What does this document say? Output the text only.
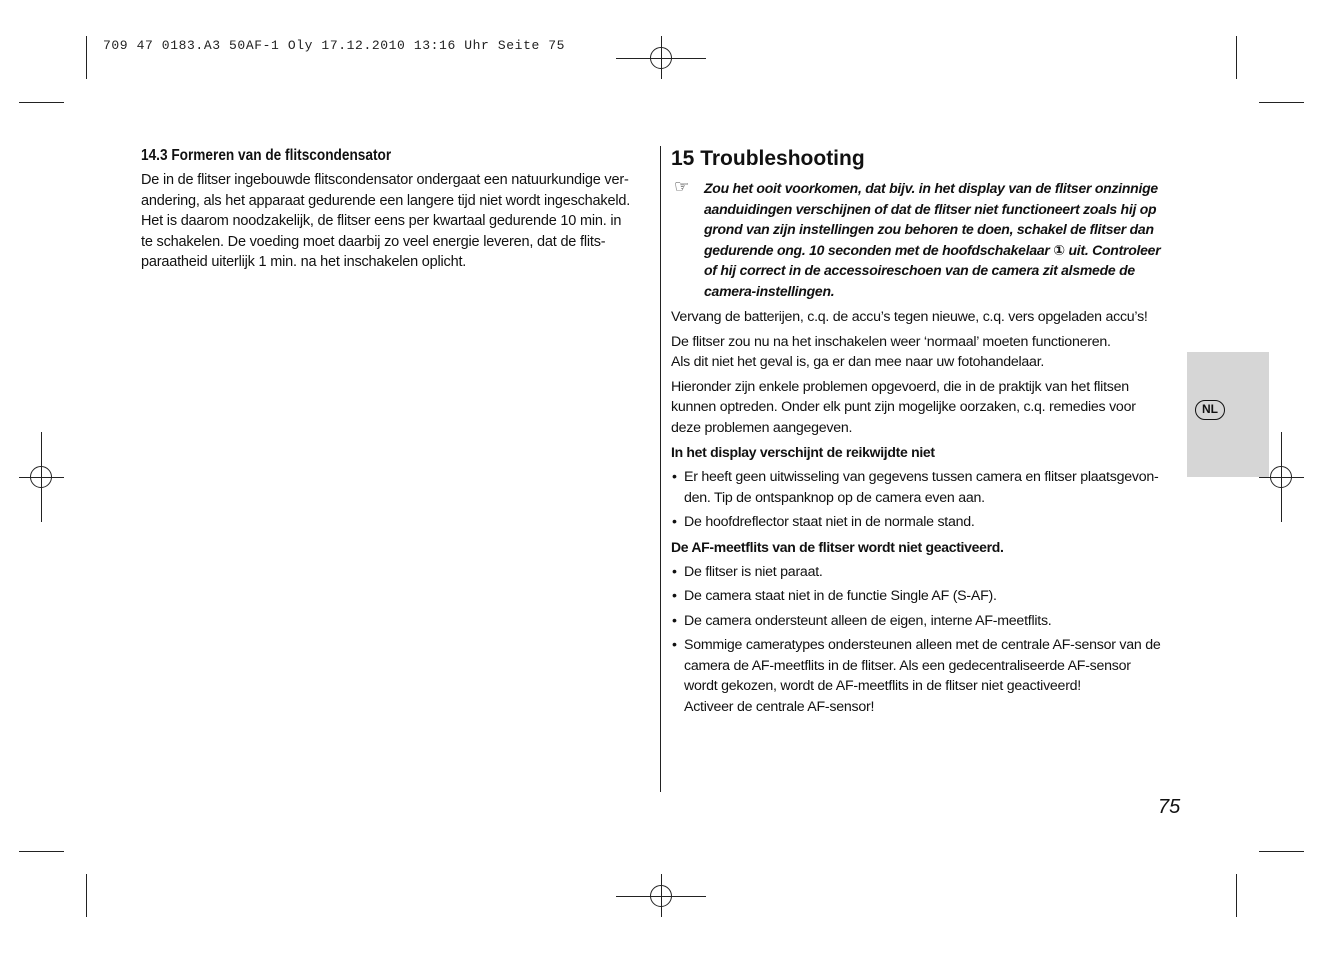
709 47 0183.A3 50AF-1 Oly 17.12.2010 13:16 Uhr Seite 75
14.3 Formeren van de flitscondensator
De in de flitser ingebouwde flitscondensator ondergaat een natuurkundige ver-
andering, als het apparaat gedurende een langere tijd niet wordt ingeschakeld.
Het is daarom noodzakelijk, de flitser eens per kwartaal gedurende 10 min. in
te schakelen. De voeding moet daarbij zo veel energie leveren, dat de flits-
paraatheid uiterlijk 1 min. na het inschakelen oplicht.
15 Troubleshooting
☞ Zou het ooit voorkomen, dat bijv. in het display van de flitser onzinnige
aanduidingen verschijnen of dat de flitser niet functioneert zoals hij op
grond van zijn instellingen zou behoren te doen, schakel de flitser dan
gedurende ong. 10 seconden met de hoofdschakelaar ① uit. Controleer
of hij correct in de accessoireschoen van de camera zit alsmede de
camera-instellingen.

Vervang de batterijen, c.q. de accu’s tegen nieuwe, c.q. vers opgeladen accu’s!

De flitser zou nu na het inschakelen weer ‘normaal’ moeten functioneren.
Als dit niet het geval is, ga er dan mee naar uw fotohandelaar.
Hieronder zijn enkele problemen opgevoerd, die in de praktijk van het flitsen
kunnen optreden. Onder elk punt zijn mogelijke oorzaken, c.q. remedies voor
deze problemen aangegeven.
In het display verschijnt de reikwijdte niet
• Er heeft geen uitwisseling van gegevens tussen camera en flitser plaatsgevon-
den. Tip de ontspanknop op de camera even aan.
• De hoofdreflector staat niet in de normale stand.
De AF-meetflits van de flitser wordt niet geactiveerd.
• De flitser is niet paraat.
• De camera staat niet in de functie Single AF (S-AF).
• De camera ondersteunt alleen de eigen, interne AF-meetflits.
• Sommige cameratypes ondersteunen alleen met de centrale AF-sensor van de
camera de AF-meetflits in de flitser. Als een gedecentraliseerde AF-sensor
wordt gekozen, wordt de AF-meetflits in de flitser niet geactiveerd!
Activeer de centrale AF-sensor!
NL
75
